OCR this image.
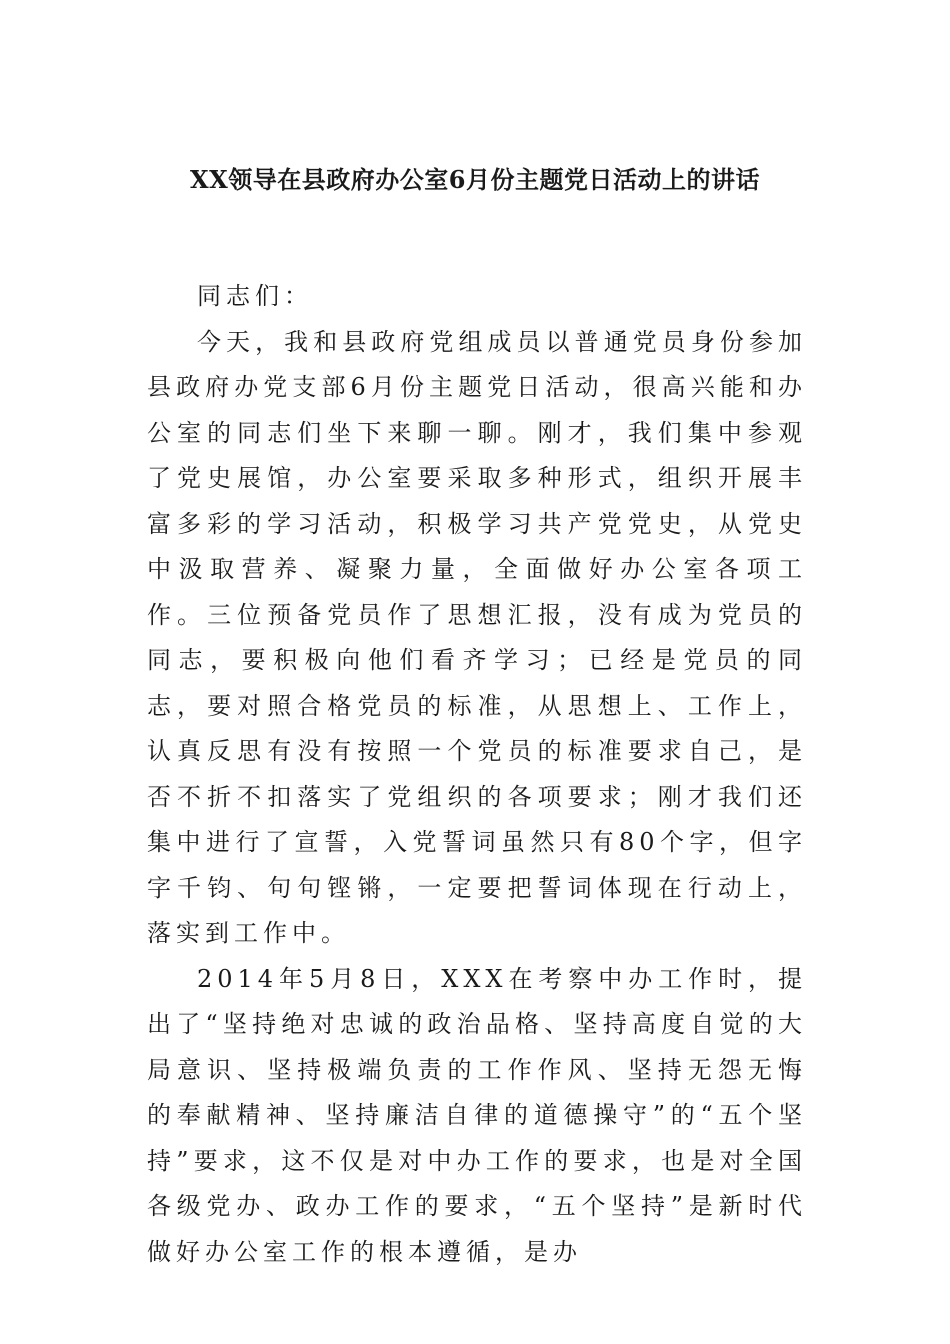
XX领导在县政府办公室6月份主题党日活动上的讲话

同志们：

今天，我和县政府党组成员以普通党员身份参加县政府办党支部6月份主题党日活动，很高兴能和办公室的同志们坐下来聊一聊。刚才，我们集中参观了党史展馆，办公室要采取多种形式，组织开展丰富多彩的学习活动，积极学习共产党党史，从党史中汲取营养、凝聚力量，全面做好办公室各项工作。三位预备党员作了思想汇报，没有成为党员的同志，要积极向他们看齐学习；已经是党员的同志，要对照合格党员的标准，从思想上、工作上，认真反思有没有按照一个党员的标准要求自己，是否不折不扣落实了党组织的各项要求；刚才我们还集中进行了宣誓，入党誓词虽然只有80个字，但字字千钧、句句铿锵，一定要把誓词体现在行动上，落实到工作中。

2014年5月8日，XXX在考察中办工作时，提出了“坚持绝对忠诚的政治品格、坚持高度自觉的大局意识、坚持极端负责的工作作风、坚持无怨无悔的奉献精神、坚持廉洁自律的道德操守”的“五个坚持”要求，这不仅是对中办工作的要求，也是对全国各级党办、政办工作的要求，“五个坚持”是新时代做好办公室工作的根本遵循，是办
